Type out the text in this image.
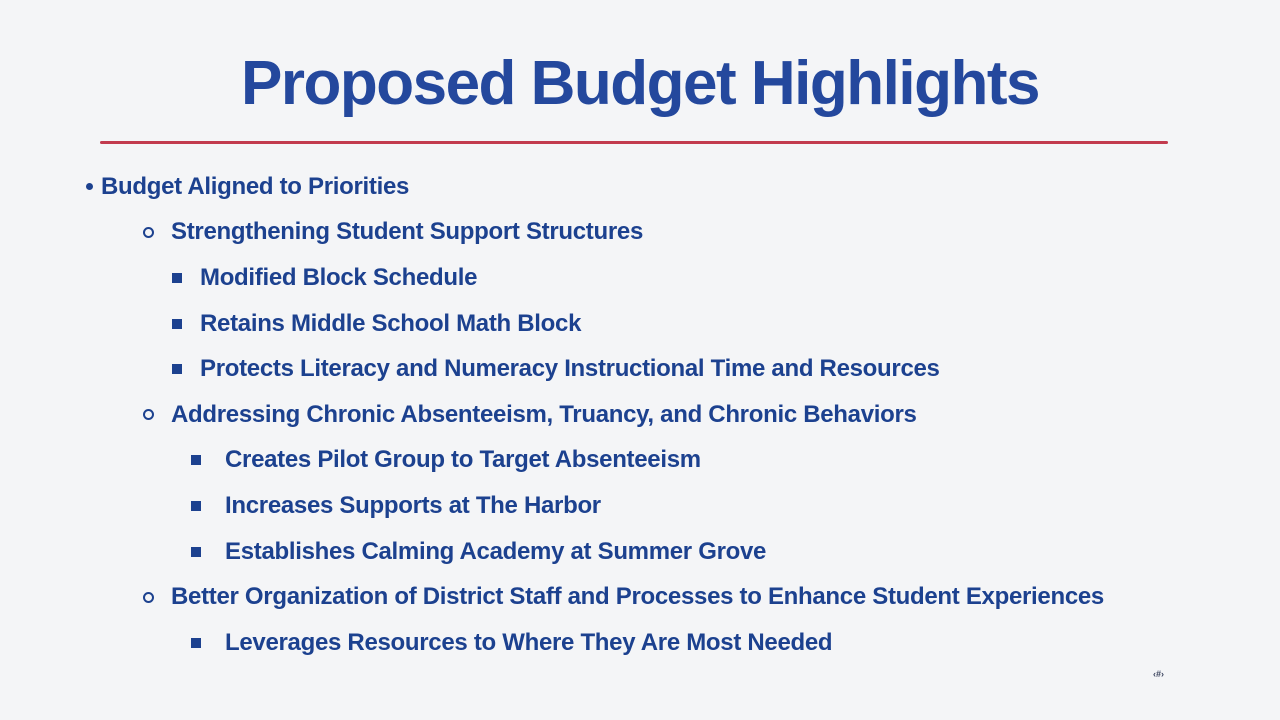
Proposed Budget Highlights
Budget Aligned to Priorities
Strengthening Student Support Structures
Modified Block Schedule
Retains Middle School Math Block
Protects Literacy and Numeracy Instructional Time and Resources
Addressing Chronic Absenteeism, Truancy, and Chronic Behaviors
Creates Pilot Group to Target Absenteeism
Increases Supports at The Harbor
Establishes Calming Academy at Summer Grove
Better Organization of District Staff and Processes to Enhance Student Experiences
Leverages Resources to Where They Are Most Needed
‹#›
